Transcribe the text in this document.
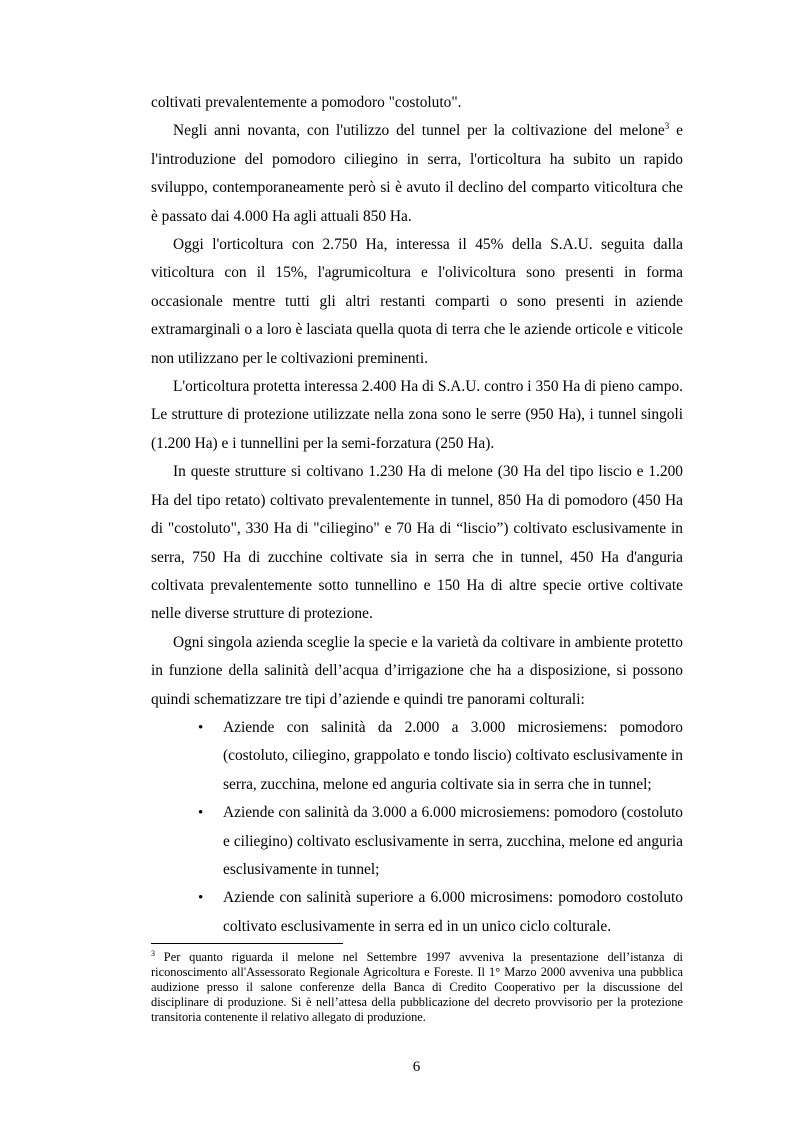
coltivati prevalentemente a pomodoro "costoluto".

Negli anni novanta, con l'utilizzo del tunnel per la coltivazione del melone$^3$ e l'introduzione del pomodoro ciliegino in serra, l'orticoltura ha subito un rapido sviluppo, contemporaneamente però si è avuto il declino del comparto viticoltura che è passato dai 4.000 Ha agli attuali 850 Ha.

Oggi l'orticoltura con 2.750 Ha, interessa il 45% della S.A.U. seguita dalla viticoltura con il 15%, l'agrumicoltura e l'olivicoltura sono presenti in forma occasionale mentre tutti gli altri restanti comparti o sono presenti in aziende extramarginali o a loro è lasciata quella quota di terra che le aziende orticole e viticole non utilizzano per le coltivazioni preminenti.

L'orticoltura protetta interessa 2.400 Ha di S.A.U. contro i 350 Ha di pieno campo. Le strutture di protezione utilizzate nella zona sono le serre (950 Ha), i tunnel singoli (1.200 Ha) e i tunnellini per la semi-forzatura (250 Ha).

In queste strutture si coltivano 1.230 Ha di melone (30 Ha del tipo liscio e 1.200 Ha del tipo retato) coltivato prevalentemente in tunnel, 850 Ha di pomodoro (450 Ha di "costoluto", 330 Ha di "ciliegino" e 70 Ha di “liscio”) coltivato esclusivamente in serra, 750 Ha di zucchine coltivate sia in serra che in tunnel, 450 Ha d'anguria coltivata prevalentemente sotto tunnellino e 150 Ha di altre specie ortive coltivate nelle diverse strutture di protezione.

Ogni singola azienda sceglie la specie e la varietà da coltivare in ambiente protetto in funzione della salinità dell’acqua d’irrigazione che ha a disposizione, si possono quindi schematizzare tre tipi d’aziende e quindi tre panorami colturali:

• Aziende con salinità da 2.000 a 3.000 microsiemens: pomodoro (costoluto, ciliegino, grappolato e tondo liscio) coltivato esclusivamente in serra, zucchina, melone ed anguria coltivate sia in serra che in tunnel;
• Aziende con salinità da 3.000 a 6.000 microsiemens: pomodoro (costoluto e ciliegino) coltivato esclusivamente in serra, zucchina, melone ed anguria esclusivamente in tunnel;
• Aziende con salinità superiore a 6.000 microsimens: pomodoro costoluto coltivato esclusivamente in serra ed in un unico ciclo colturale.
$^3$ Per quanto riguarda il melone nel Settembre 1997 avveniva la presentazione dell’istanza di riconoscimento all'Assessorato Regionale Agricoltura e Foreste. Il 1° Marzo 2000 avveniva una pubblica audizione presso il salone conferenze della Banca di Credito Cooperativo per la discussione del disciplinare di produzione. Si è nell’attesa della pubblicazione del decreto provvisorio per la protezione transitoria contenente il relativo allegato di produzione.
6
